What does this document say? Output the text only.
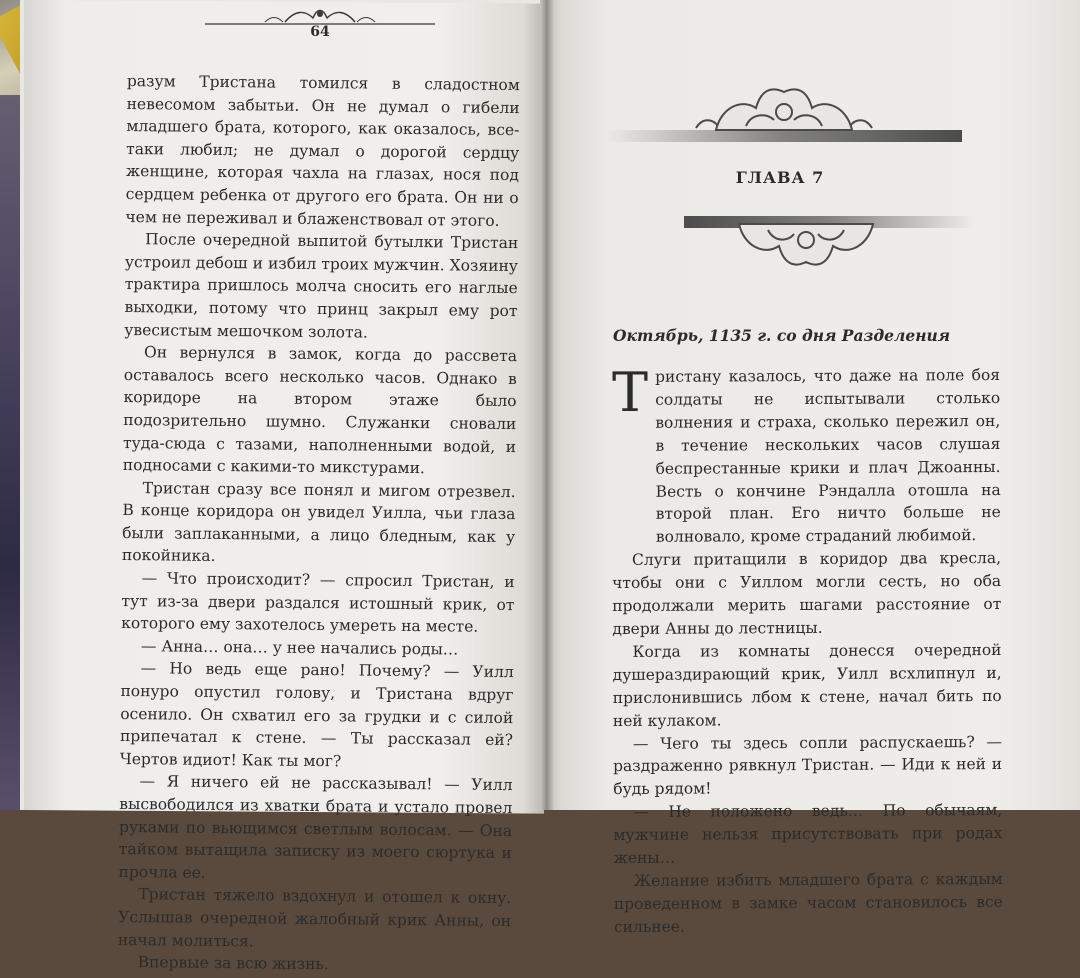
64

разум Тристана томился в сладостном невесомом забытьи. Он не думал о гибели младшего брата, которого, как оказалось, все-таки любил; не думал о дорогой сердцу женщине, которая чахла на глазах, нося под сердцем ребенка от другого его брата. Он ни о чем не переживал и блаженствовал от этого.

После очередной выпитой бутылки Тристан устроил дебош и избил троих мужчин. Хозяину трактира пришлось молча сносить его наглые выходки, потому что принц закрыл ему рот увесистым мешочком золота.

Он вернулся в замок, когда до рассвета оставалось всего несколько часов. Однако в коридоре на втором этаже было подозрительно шумно. Служанки сновали туда-сюда с тазами, наполненными водой, и подносами с какими-то микстурами.

Тристан сразу все понял и мигом отрезвел. В конце коридора он увидел Уилла, чьи глаза были заплаканными, а лицо бледным, как у покойника.

— Что происходит? — спросил Тристан, и тут из-за двери раздался истошный крик, от которого ему захотелось умереть на месте.

— Анна… она… у нее начались роды…

— Но ведь еще рано! Почему? — Уилл понуро опустил голову, и Тристана вдруг осенило. Он схватил его за грудки и с силой припечатал к стене. — Ты рассказал ей? Чертов идиот! Как ты мог?

— Я ничего ей не рассказывал! — Уилл высвободился из хватки брата и устало провел руками по вьющимся светлым волосам. — Она тайком вытащила записку из моего сюртука и прочла ее.

Тристан тяжело вздохнул и отошел к окну. Услышав очередной жалобный крик Анны, он начал молиться.

Впервые за всю жизнь.

ГЛАВА 7
Октябрь, 1135 г. со дня Разделения
Т ристану казалось, что даже на поле боя солдаты не испытывали столько волнения и страха, сколько пережил он, в течение нескольких часов слушая беспрестанные крики и плач Джоанны. Весть о кончине Рэндалла отошла на второй план. Его ничто больше не волновало, кроме страданий любимой.

Слуги притащили в коридор два кресла, чтобы они с Уиллом могли сесть, но оба продолжали мерить шагами расстояние от двери Анны до лестницы.

Когда из комнаты донесся очередной душераздирающий крик, Уилл всхлипнул и, прислонившись лбом к стене, начал бить по ней кулаком.

— Чего ты здесь сопли распускаешь? — раздраженно рявкнул Тристан. — Иди к ней и будь рядом!

— Не положено ведь… По обычаям, мужчине нельзя присутствовать при родах жены…

Желание избить младшего брата с каждым проведенном в замке часом становилось все сильнее.
